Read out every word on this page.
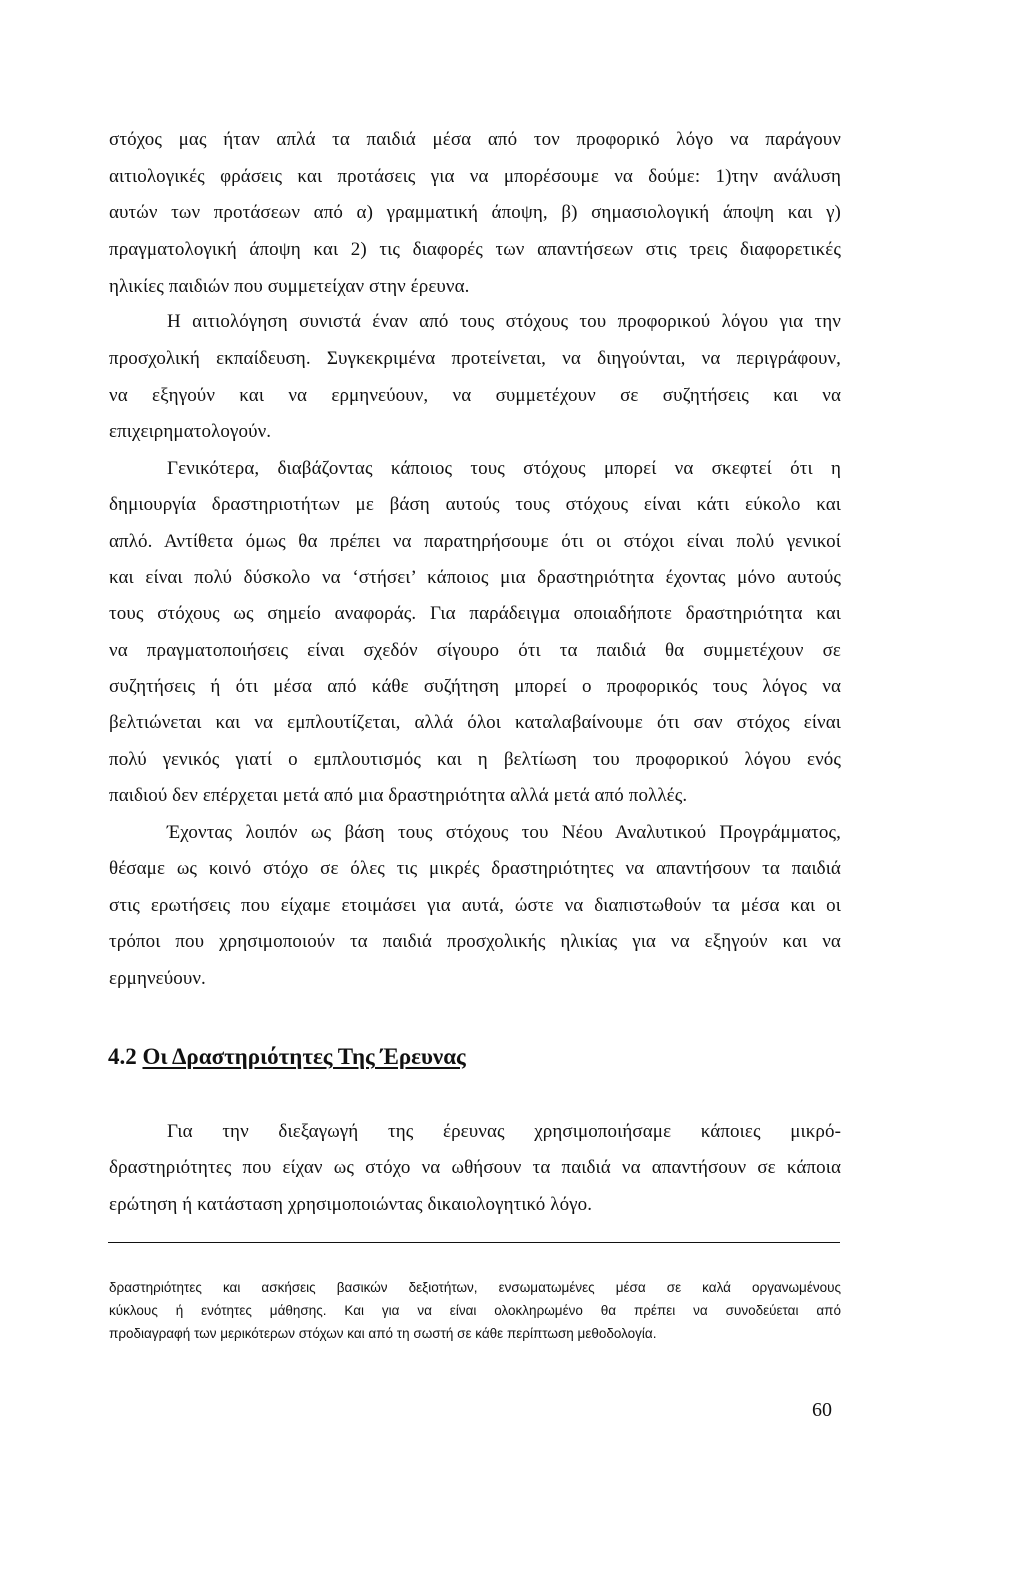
στόχος μας ήταν απλά τα παιδιά μέσα από τον προφορικό λόγο να παράγουν
αιτιολογικές φράσεις και προτάσεις για να μπορέσουμε να δούμε: 1)την ανάλυση
αυτών των προτάσεων από α) γραμματική άποψη, β) σημασιολογική άποψη και γ)
πραγματολογική άποψη και 2) τις διαφορές των απαντήσεων στις τρεις διαφορετικές
ηλικίες παιδιών που συμμετείχαν στην έρευνα.
Η αιτιολόγηση συνιστά έναν από τους στόχους του προφορικού λόγου για την
προσχολική εκπαίδευση. Συγκεκριμένα προτείνεται, να διηγούνται, να περιγράφουν,
να εξηγούν και να ερμηνεύουν, να συμμετέχουν σε συζητήσεις και να
επιχειρηματολογούν.
Γενικότερα, διαβάζοντας κάποιος τους στόχους μπορεί να σκεφτεί ότι η
δημιουργία δραστηριοτήτων με βάση αυτούς τους στόχους είναι κάτι εύκολο και
απλό. Αντίθετα όμως θα πρέπει να παρατηρήσουμε ότι οι στόχοι είναι πολύ γενικοί
και είναι πολύ δύσκολο να ‘στήσει’ κάποιος μια δραστηριότητα έχοντας μόνο αυτούς
τους στόχους ως σημείο αναφοράς. Για παράδειγμα οποιαδήποτε δραστηριότητα και
να πραγματοποιήσεις είναι σχεδόν σίγουρο ότι τα παιδιά θα συμμετέχουν σε
συζητήσεις ή ότι μέσα από κάθε συζήτηση μπορεί ο προφορικός τους λόγος να
βελτιώνεται και να εμπλουτίζεται, αλλά όλοι καταλαβαίνουμε ότι σαν στόχος είναι
πολύ γενικός γιατί ο εμπλουτισμός και η βελτίωση του προφορικού λόγου ενός
παιδιού δεν επέρχεται μετά από μια δραστηριότητα αλλά μετά από πολλές.
Έχοντας λοιπόν ως βάση τους στόχους του Νέου Αναλυτικού Προγράμματος,
θέσαμε ως κοινό στόχο σε όλες τις μικρές δραστηριότητες να απαντήσουν τα παιδιά
στις ερωτήσεις που είχαμε ετοιμάσει για αυτά, ώστε να διαπιστωθούν τα μέσα και οι
τρόποι που χρησιμοποιούν τα παιδιά προσχολικής ηλικίας για να εξηγούν και να
ερμηνεύουν.
4.2 Οι Δραστηριότητες Της Έρευνας
Για την διεξαγωγή της έρευνας χρησιμοποιήσαμε κάποιες μικρό-
δραστηριότητες που είχαν ως στόχο να ωθήσουν τα παιδιά να απαντήσουν σε κάποια
ερώτηση ή κατάσταση χρησιμοποιώντας δικαιολογητικό λόγο.
δραστηριότητες και ασκήσεις βασικών δεξιοτήτων, ενσωματωμένες μέσα σε καλά οργανωμένους
κύκλους ή ενότητες μάθησης. Και για να είναι ολοκληρωμένο θα πρέπει να συνοδεύεται από
προδιαγραφή των μερικότερων στόχων και από τη σωστή σε κάθε περίπτωση μεθοδολογία.
60
